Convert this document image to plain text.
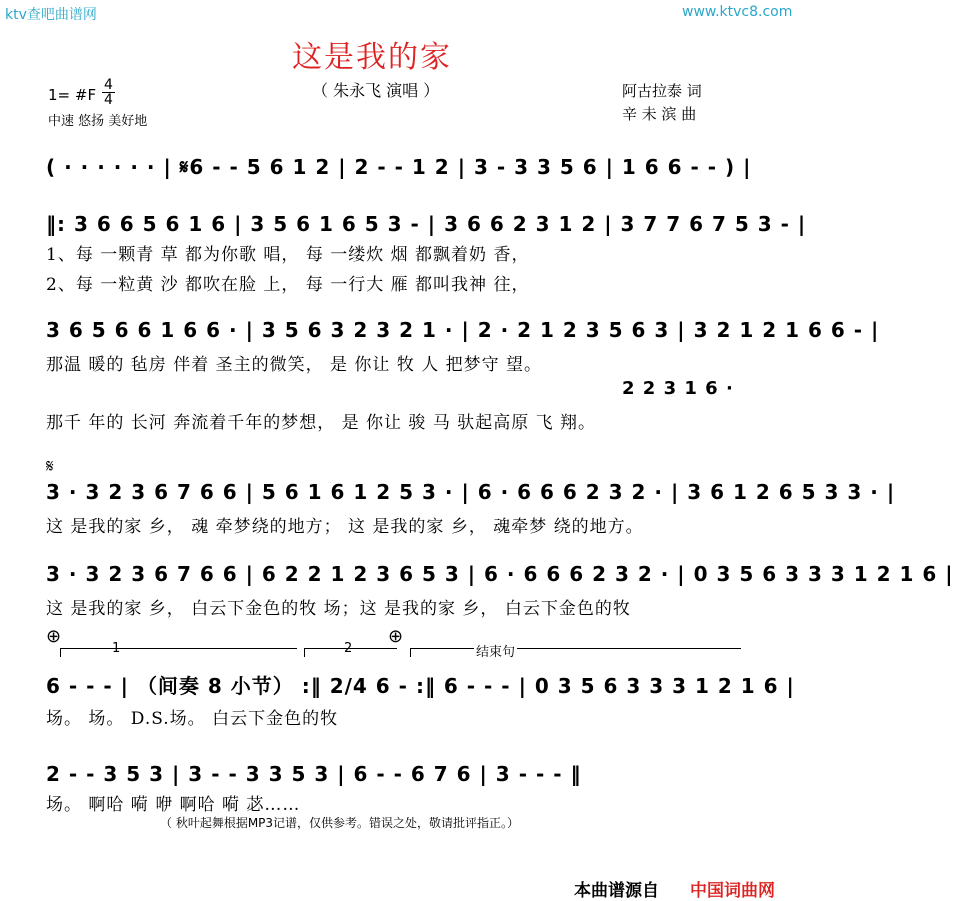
ktv查吧曲谱网	www.ktvc8.com
这是我的家
（ 朱永飞 演唱 ）
1= #F
4
4
中速 悠扬 美好地
阿古拉泰 词
辛 未 滨 曲
( · · · · · · | 𝄋6 - - 5 6 1 2 | 2 - - 1 2 | 3 - 3 3 5 6 | 1 6 6 - - ) |
‖: 3 6 6 5 6 1 6 | 3 5 6 1 6 5 3 - | 3 6 6 2 3 1 2 | 3 7 7 6 7 5 3 - |
1、每 一颗青 草 都为你歌 唱， 每 一缕炊 烟 都飘着奶 香，
2、每 一粒黄 沙 都吹在脸 上， 每 一行大 雁 都叫我神 往，
3 6 5 6 6 1 6 6 · | 3 5 6 3 2 3 2 1 · | 2 · 2 1 2 3 5 6 3 | 3 2 1 2 1 6 6 - |
那温 暖的 毡房 伴着 圣主的微笑， 是 你让 牧 人 把梦守 望。
2 2 3 1 6 ·
那千 年的 长河 奔流着千年的梦想， 是 你让 骏 马 驮起高原 飞 翔。
𝄋
3 · 3 2 3 6 7 6 6 | 5 6 1 6 1 2 5 3 · | 6 · 6 6 6 2 3 2 · | 3 6 1 2 6 5 3 3 · |
这 是我的家 乡， 魂 牵梦绕的地方； 这 是我的家 乡， 魂牵梦 绕的地方。
3 · 3 2 3 6 7 6 6 | 6 2 2 1 2 3 6 5 3 | 6 · 6 6 6 2 3 2 · | 0 3 5 6 3 3 3 1 2 1 6 |
这 是我的家 乡， 白云下金色的牧 场；这 是我的家 乡， 白云下金色的牧
⊕
1	2
⊕
结束句
6 - - - | （间奏 8 小节） :‖ 2/4 6 - :‖ 6 - - - | 0 3 5 6 3 3 3 1 2 1 6 |
场。 场。 D.S.场。 白云下金色的牧
2 - - 3 5 3 | 3 - - 3 3 5 3 | 6 - - 6 7 6 | 3 - - - ‖
场。 啊哈 嗬 咿 啊哈 嗬 苾……
（ 秋叶起舞根据MP3记谱，仅供参考。错误之处，敬请批评指正。）
本曲谱源自 中国词曲网
